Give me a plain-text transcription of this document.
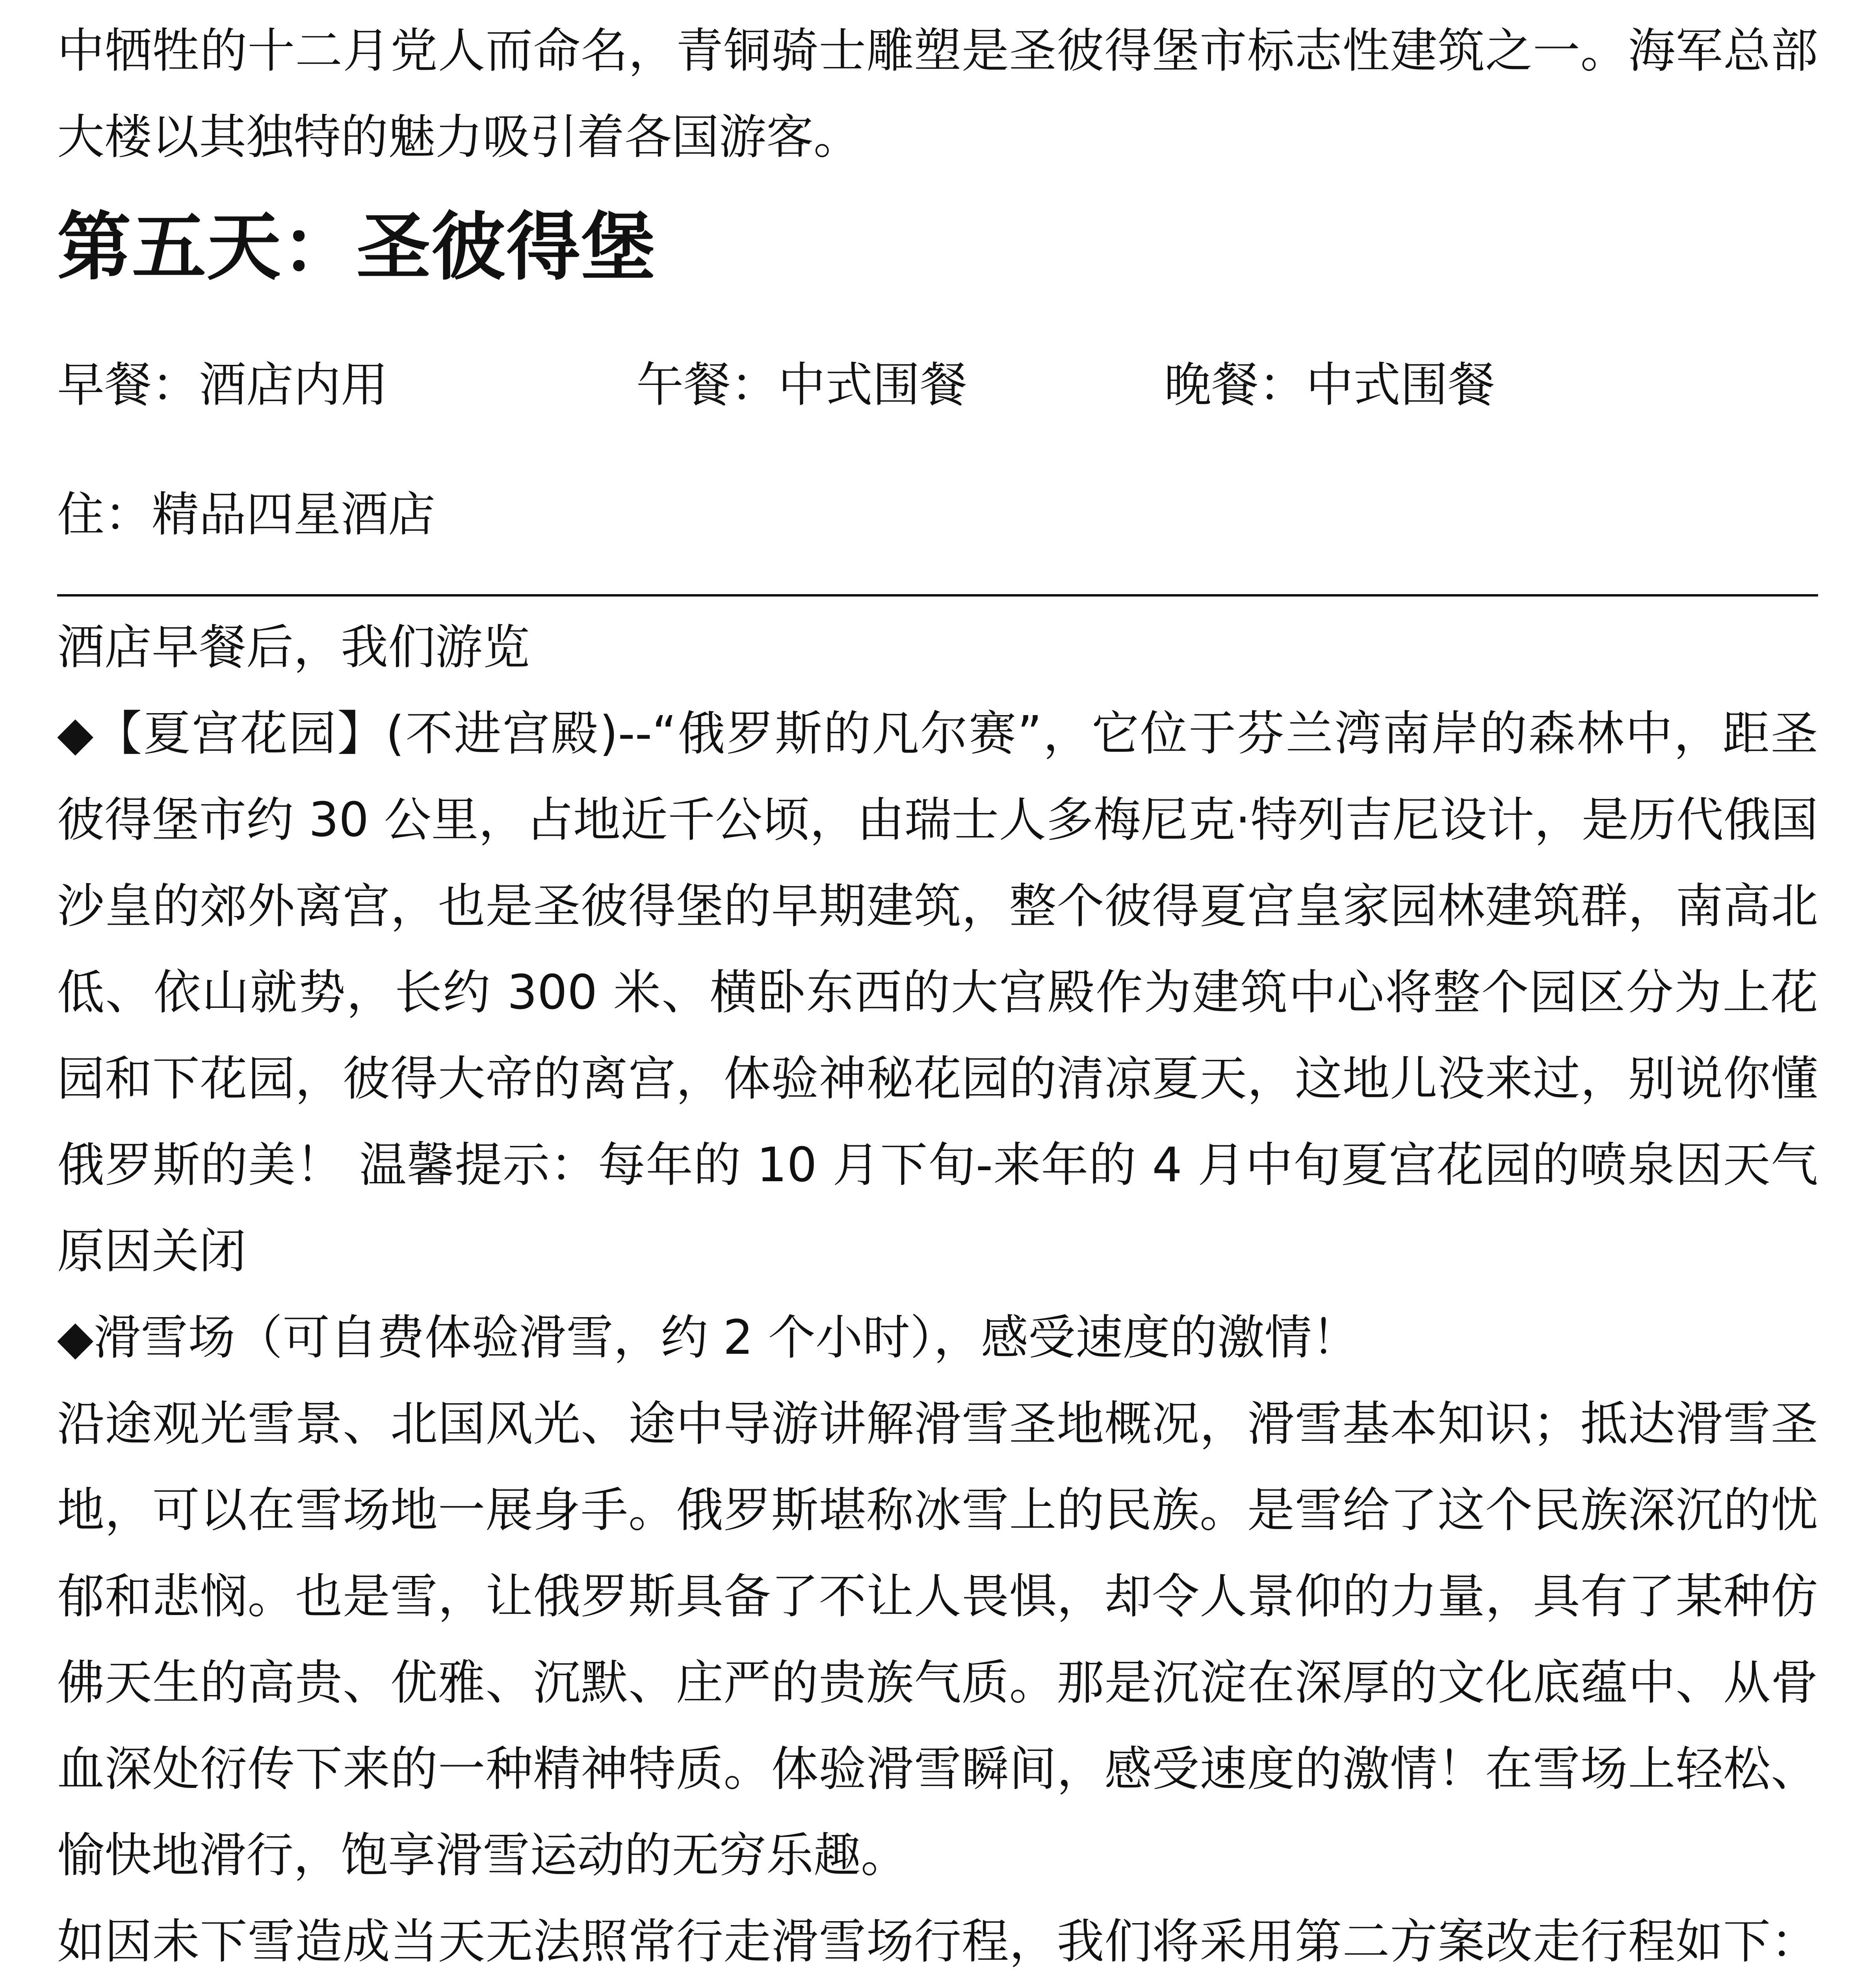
中牺牲的十二月党人而命名，青铜骑士雕塑是圣彼得堡市标志性建筑之一。海军总部大楼以其独特的魅力吸引着各国游客。

第五天：圣彼得堡
早餐：酒店内用	午餐：中式围餐	晚餐：中式围餐
住：精品四星酒店

酒店早餐后，我们游览

◆【夏宫花园】(不进宫殿)--“俄罗斯的凡尔赛”，它位于芬兰湾南岸的森林中，距圣彼得堡市约 30 公里，占地近千公顷，由瑞士人多梅尼克·特列吉尼设计，是历代俄国沙皇的郊外离宫，也是圣彼得堡的早期建筑，整个彼得夏宫皇家园林建筑群，南高北低、依山就势，长约 300 米、横卧东西的大宫殿作为建筑中心将整个园区分为上花园和下花园，彼得大帝的离宫，体验神秘花园的清凉夏天，这地儿没来过，别说你懂俄罗斯的美！ 温馨提示：每年的 10 月下旬-来年的 4 月中旬夏宫花园的喷泉因天气原因关闭

◆滑雪场（可自费体验滑雪，约 2 个小时），感受速度的激情！

沿途观光雪景、北国风光、途中导游讲解滑雪圣地概况，滑雪基本知识；抵达滑雪圣地，可以在雪场地一展身手。俄罗斯堪称冰雪上的民族。是雪给了这个民族深沉的忧郁和悲悯。也是雪，让俄罗斯具备了不让人畏惧，却令人景仰的力量，具有了某种仿佛天生的高贵、优雅、沉默、庄严的贵族气质。那是沉淀在深厚的文化底蕴中、从骨血深处衍传下来的一种精神特质。体验滑雪瞬间，感受速度的激情！在雪场上轻松、愉快地滑行，饱享滑雪运动的无穷乐趣。

如因未下雪造成当天无法照常行走滑雪场行程，我们将采用第二方案改走行程如下：
